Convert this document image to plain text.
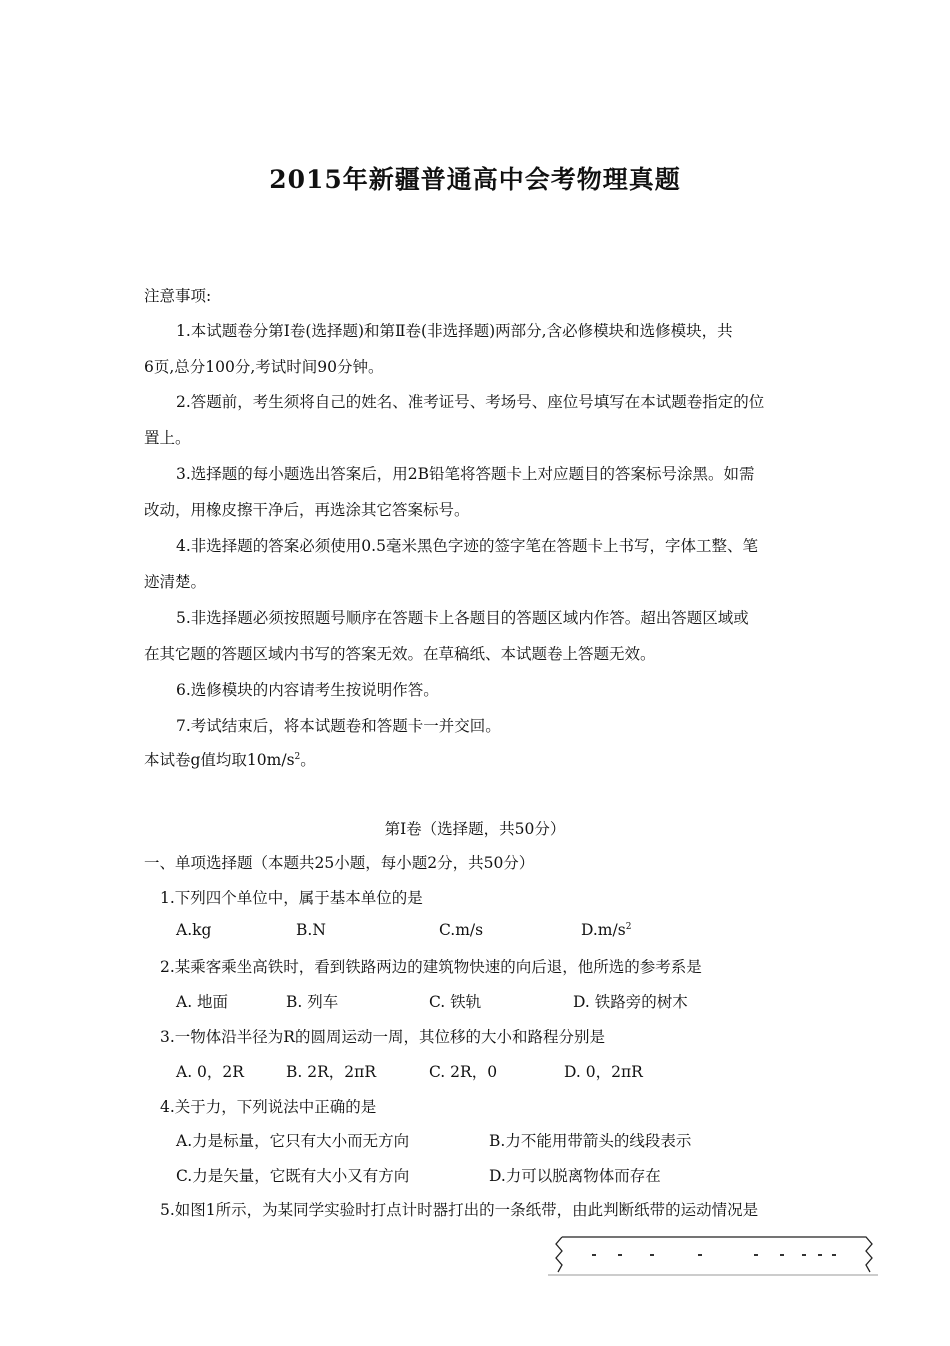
2015年新疆普通高中会考物理真题
注意事项:
1.本试题卷分第Ⅰ卷(选择题)和第Ⅱ卷(非选择题)两部分,含必修模块和选修模块，共
6页,总分100分,考试时间90分钟。
2.答题前，考生须将自己的姓名、准考证号、考场号、座位号填写在本试题卷指定的位
置上。
3.选择题的每小题选出答案后，用2B铅笔将答题卡上对应题目的答案标号涂黑。如需
改动，用橡皮擦干净后，再选涂其它答案标号。
4.非选择题的答案必须使用0.5毫米黑色字迹的签字笔在答题卡上书写，字体工整、笔
迹清楚。
5.非选择题必须按照题号顺序在答题卡上各题目的答题区域内作答。超出答题区域或
在其它题的答题区域内书写的答案无效。在草稿纸、本试题卷上答题无效。
6.选修模块的内容请考生按说明作答。
7.考试结束后，将本试题卷和答题卡一并交回。
本试卷g值均取$10m/s^2$。
第Ⅰ卷（选择题，共50分）
一、单项选择题（本题共25小题，每小题2分，共50分）
1.下列四个单位中，属于基本单位的是
A.kg	B.N	C.m/s	$D.m/s^2$
2.某乘客乘坐高铁时，看到铁路两边的建筑物快速的向后退，他所选的参考系是
A. 地面	B. 列车	C. 铁轨	D. 铁路旁的树木
3.一物体沿半径为R的圆周运动一周，其位移的大小和路程分别是
A. 0，2R	B. 2R，2πR	C. 2R，0	D. 0，2πR
4.关于力，下列说法中正确的是
A.力是标量，它只有大小而无方向	B.力不能用带箭头的线段表示
C.力是矢量，它既有大小又有方向	D.力可以脱离物体而存在
5.如图1所示，为某同学实验时打点计时器打出的一条纸带，由此判断纸带的运动情况是
